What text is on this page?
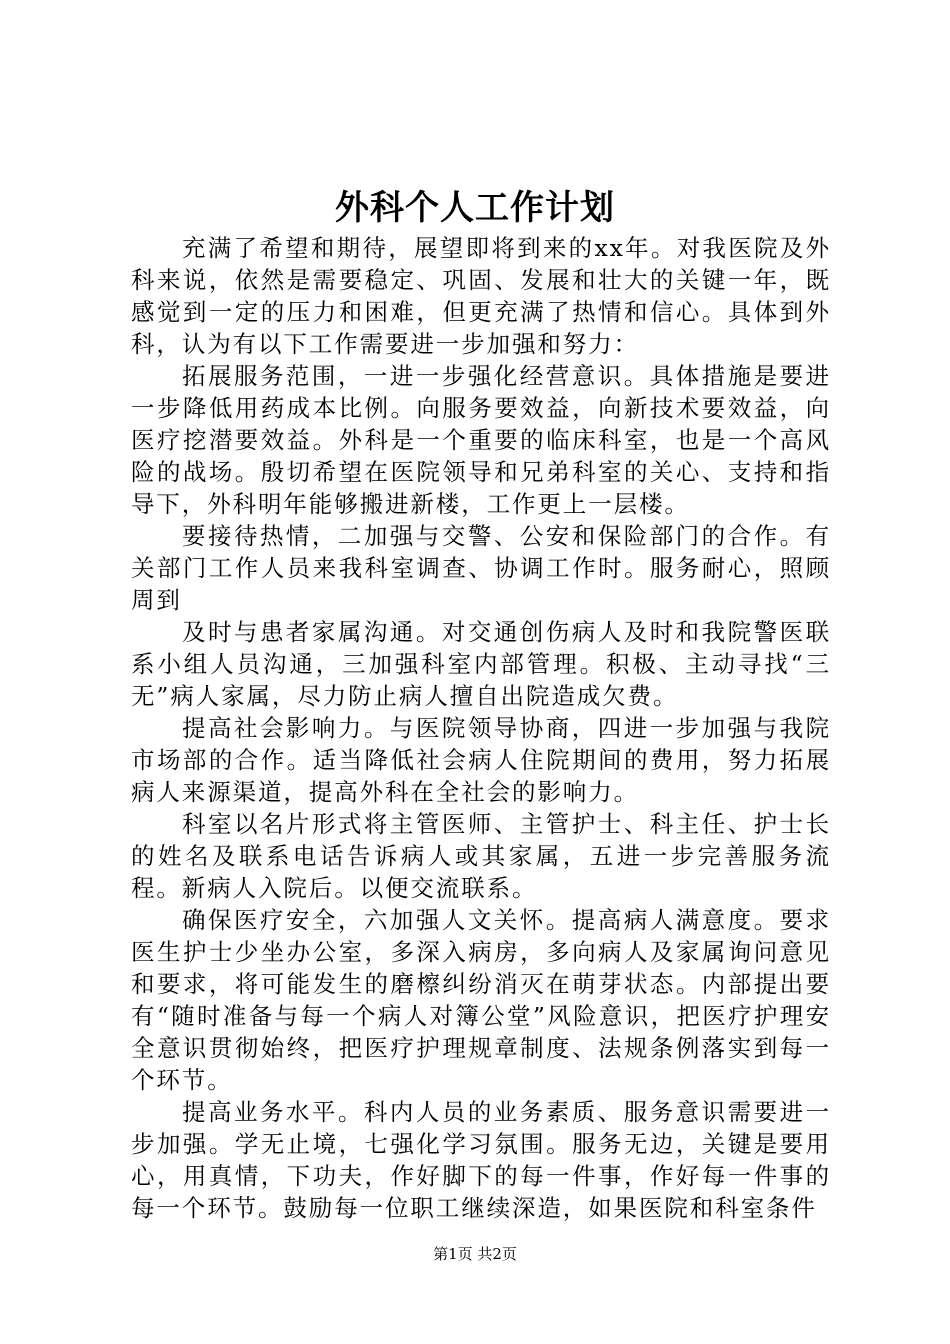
外科个人工作计划

充满了希望和期待，展望即将到来的xx年。对我医院及外科来说，依然是需要稳定、巩固、发展和壮大的关键一年，既感觉到一定的压力和困难，但更充满了热情和信心。具体到外科，认为有以下工作需要进一步加强和努力：

拓展服务范围，一进一步强化经营意识。具体措施是要进一步降低用药成本比例。向服务要效益，向新技术要效益，向医疗挖潜要效益。外科是一个重要的临床科室，也是一个高风险的战场。殷切希望在医院领导和兄弟科室的关心、支持和指导下，外科明年能够搬进新楼，工作更上一层楼。

要接待热情，二加强与交警、公安和保险部门的合作。有关部门工作人员来我科室调查、协调工作时。服务耐心，照顾周到

及时与患者家属沟通。对交通创伤病人及时和我院警医联系小组人员沟通，三加强科室内部管理。积极、主动寻找“三无”病人家属，尽力防止病人擅自出院造成欠费。

提高社会影响力。与医院领导协商，四进一步加强与我院市场部的合作。适当降低社会病人住院期间的费用，努力拓展病人来源渠道，提高外科在全社会的影响力。

科室以名片形式将主管医师、主管护士、科主任、护士长的姓名及联系电话告诉病人或其家属，五进一步完善服务流程。新病人入院后。以便交流联系。

确保医疗安全，六加强人文关怀。提高病人满意度。要求医生护士少坐办公室，多深入病房，多向病人及家属询问意见和要求，将可能发生的磨檫纠纷消灭在萌芽状态。内部提出要有“随时准备与每一个病人对簿公堂”风险意识，把医疗护理安全意识贯彻始终，把医疗护理规章制度、法规条例落实到每一个环节。

提高业务水平。科内人员的业务素质、服务意识需要进一步加强。学无止境，七强化学习氛围。服务无边，关键是要用心，用真情，下功夫，作好脚下的每一件事，作好每一件事的每一个环节。鼓励每一位职工继续深造，如果医院和科室条件

第1页 共2页
